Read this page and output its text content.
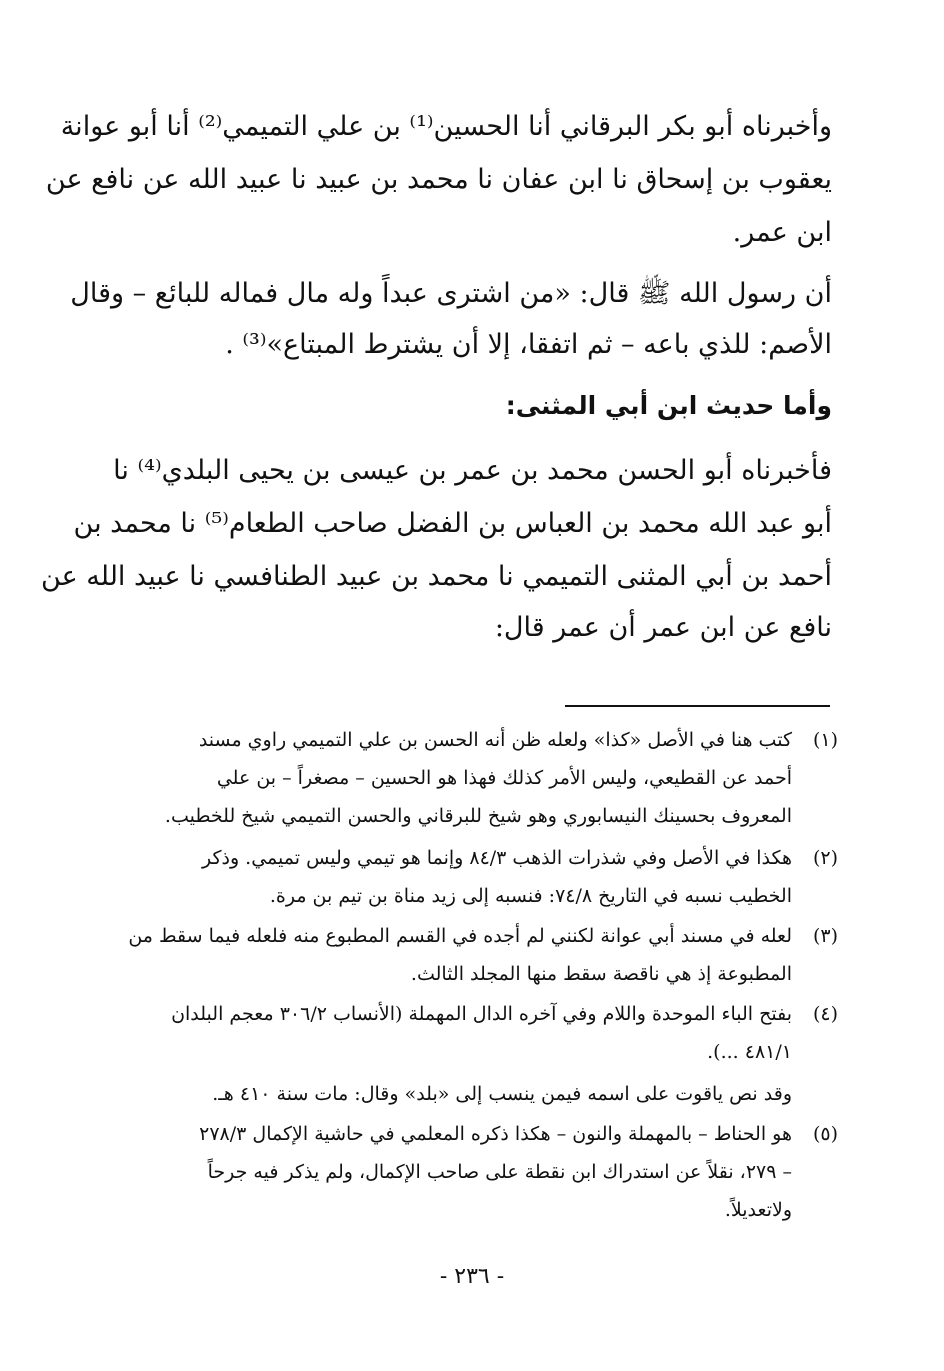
وأخبرناه أبو بكر البرقاني أنا الحسين⁽¹⁾ بن علي التميمي⁽²⁾ أنا أبو عوانة
يعقوب بن إسحاق نا ابن عفان نا محمد بن عبيد نا عبيد الله عن نافع عن
ابن عمر.
أن رسول الله ﷺ قال: «من اشترى عبداً وله مال فماله للبائع – وقال
الأصم: للذي باعه – ثم اتفقا، إلا أن يشترط المبتاع»⁽³⁾ .
وأما حديث ابن أبي المثنى:
فأخبرناه أبو الحسن محمد بن عمر بن عيسى بن يحيى البلدي⁽⁴⁾ نا
أبو عبد الله محمد بن العباس بن الفضل صاحب الطعام⁽⁵⁾ نا محمد بن
أحمد بن أبي المثنى التميمي نا محمد بن عبيد الطنافسي نا عبيد الله عن
نافع عن ابن عمر أن عمر قال:
(١)
كتب هنا في الأصل «كذا» ولعله ظن أنه الحسن بن علي التميمي راوي مسند
أحمد عن القطيعي، وليس الأمر كذلك فهذا هو الحسين – مصغراً – بن علي
المعروف بحسينك النيسابوري وهو شيخ للبرقاني والحسن التميمي شيخ للخطيب.
(٢)
هكذا في الأصل وفي شذرات الذهب ٨٤/٣ وإنما هو تيمي وليس تميمي. وذكر
الخطيب نسبه في التاريخ ٧٤/٨: فنسبه إلى زيد مناة بن تيم بن مرة.
(٣)
لعله في مسند أبي عوانة لكنني لم أجده في القسم المطبوع منه فلعله فيما سقط من
المطبوعة إذ هي ناقصة سقط منها المجلد الثالث.
(٤)
بفتح الباء الموحدة واللام وفي آخره الدال المهملة (الأنساب ٣٠٦/٢ معجم البلدان
٤٨١/١ ...).
وقد نص ياقوت على اسمه فيمن ينسب إلى «بلد» وقال: مات سنة ٤١٠ هـ.
(٥)
هو الحناط – بالمهملة والنون – هكذا ذكره المعلمي في حاشية الإكمال ٢٧٨/٣
– ٢٧٩، نقلاً عن استدراك ابن نقطة على صاحب الإكمال، ولم يذكر فيه جرحاً
ولاتعديلاً.
- ٢٣٦ -
